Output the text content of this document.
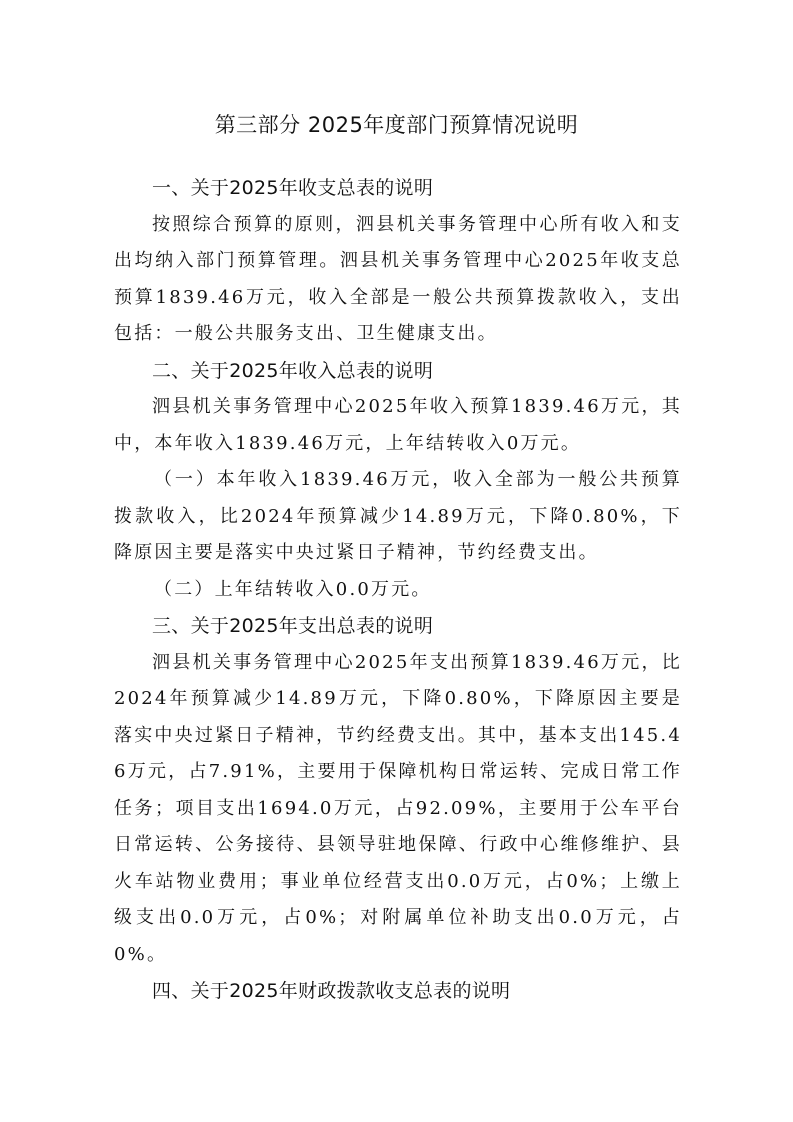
第三部分 2025年度部门预算情况说明
一、关于2025年收支总表的说明

按照综合预算的原则，泗县机关事务管理中心所有收入和支出均纳入部门预算管理。泗县机关事务管理中心2025年收支总预算1839.46万元，收入全部是一般公共预算拨款收入，支出包括：一般公共服务支出、卫生健康支出。

二、关于2025年收入总表的说明

泗县机关事务管理中心2025年收入预算1839.46万元，其中，本年收入1839.46万元，上年结转收入0万元。

（一）本年收入1839.46万元，收入全部为一般公共预算拨款收入，比2024年预算减少14.89万元，下降0.80%，下降原因主要是落实中央过紧日子精神，节约经费支出。

（二）上年结转收入0.0万元。

三、关于2025年支出总表的说明

泗县机关事务管理中心2025年支出预算1839.46万元，比2024年预算减少14.89万元，下降0.80%，下降原因主要是落实中央过紧日子精神，节约经费支出。其中，基本支出145.46万元，占7.91%，主要用于保障机构日常运转、完成日常工作任务；项目支出1694.0万元，占92.09%，主要用于公车平台日常运转、公务接待、县领导驻地保障、行政中心维修维护、县火车站物业费用；事业单位经营支出0.0万元，占0%；上缴上级支出0.0万元，占0%；对附属单位补助支出0.0万元，占0%。

四、关于2025年财政拨款收支总表的说明
